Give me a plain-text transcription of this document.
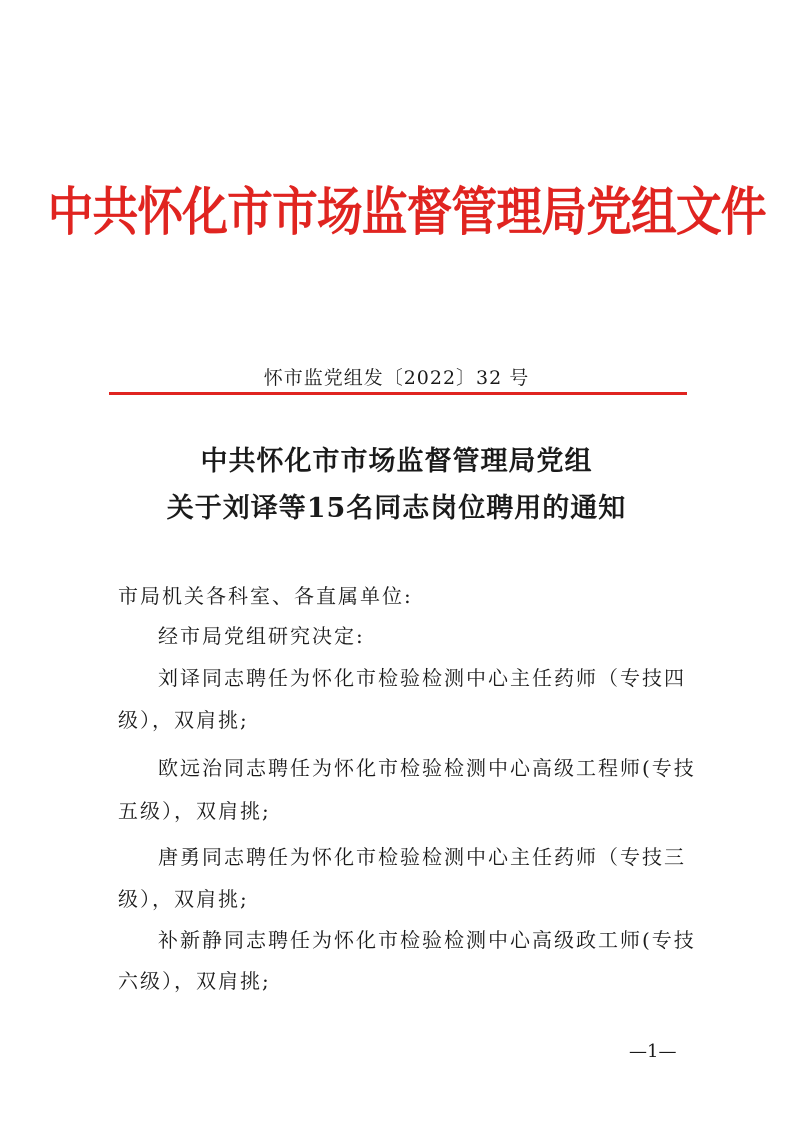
中共怀化市市场监督管理局党组文件
怀市监党组发〔2022〕32 号
中共怀化市市场监督管理局党组
关于刘译等15名同志岗位聘用的通知
市局机关各科室、各直属单位:
经市局党组研究决定:
刘译同志聘任为怀化市检验检测中心主任药师（专技四
级），双肩挑;
欧远治同志聘任为怀化市检验检测中心高级工程师(专技
五级），双肩挑;
唐勇同志聘任为怀化市检验检测中心主任药师（专技三
级），双肩挑;
补新静同志聘任为怀化市检验检测中心高级政工师(专技
六级），双肩挑;
—1—
